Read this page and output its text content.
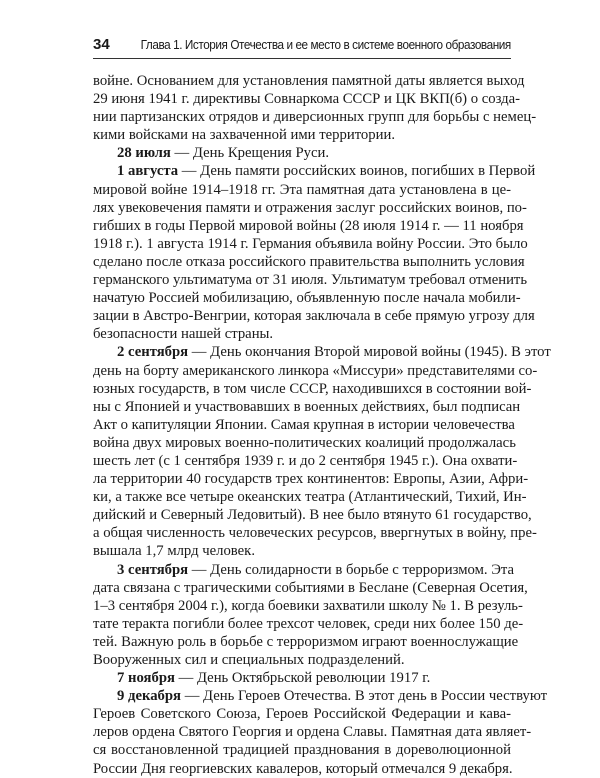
34 Глава 1. История Отечества и ее место в системе военного образования
войне. Основанием для установления памятной даты является выход
29 июня 1941 г. директивы Совнаркома СССР и ЦК ВКП(б) о созда-
нии партизанских отрядов и диверсионных групп для борьбы с немец-
кими войсками на захваченной ими территории.
28 июля — День Крещения Руси.
1 августа — День памяти российских воинов, погибших в Первой
мировой войне 1914–1918 гг. Эта памятная дата установлена в це-
лях увековечения памяти и отражения заслуг российских воинов, по-
гибших в годы Первой мировой войны (28 июля 1914 г. — 11 ноября
1918 г.). 1 августа 1914 г. Германия объявила войну России. Это было
сделано после отказа российского правительства выполнить условия
германского ультиматума от 31 июля. Ультиматум требовал отменить
начатую Россией мобилизацию, объявленную после начала мобили-
зации в Австро-Венгрии, которая заключала в себе прямую угрозу для
безопасности нашей страны.
2 сентября — День окончания Второй мировой войны (1945). В этот
день на борту американского линкора «Миссури» представителями со-
юзных государств, в том числе СССР, находившихся в состоянии вой-
ны с Японией и участвовавших в военных действиях, был подписан
Акт о капитуляции Японии. Самая крупная в истории человечества
война двух мировых военно-политических коалиций продолжалась
шесть лет (с 1 сентября 1939 г. и до 2 сентября 1945 г.). Она охвати-
ла территории 40 государств трех континентов: Европы, Азии, Афри-
ки, а также все четыре океанских театра (Атлантический, Тихий, Ин-
дийский и Северный Ледовитый). В нее было втянуто 61 государство,
а общая численность человеческих ресурсов, ввергнутых в войну, пре-
вышала 1,7 млрд человек.
3 сентября — День солидарности в борьбе с терроризмом. Эта
дата связана с трагическими событиями в Беслане (Северная Осетия,
1–3 сентября 2004 г.), когда боевики захватили школу № 1. В резуль-
тате теракта погибли более трехсот человек, среди них более 150 де-
тей. Важную роль в борьбе с терроризмом играют военнослужащие
Вооруженных сил и специальных подразделений.
7 ноября — День Октябрьской революции 1917 г.
9 декабря — День Героев Отечества. В этот день в России чествуют
Героев Советского Союза, Героев Российской Федерации и кава-
леров ордена Святого Георгия и ордена Славы. Памятная дата являет-
ся восстановленной традицией празднования в дореволюционной
России Дня георгиевских кавалеров, который отмечался 9 декабря.
